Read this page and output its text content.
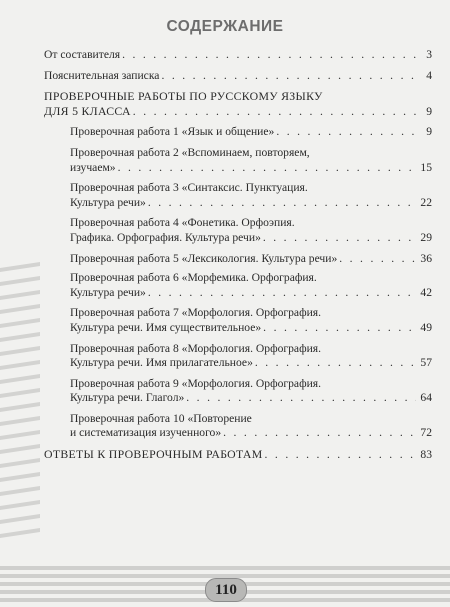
СОДЕРЖАНИЕ
От составителя . . .	3
Пояснительная записка . . .	4
ПРОВЕРОЧНЫЕ РАБОТЫ ПО РУССКОМУ ЯЗЫКУ
ДЛЯ 5 КЛАССА . . .	9
Проверочная работа 1 «Язык и общение» . . .	9
Проверочная работа 2 «Вспоминаем, повторяем,
изучаем» . . .	15
Проверочная работа 3 «Синтаксис. Пунктуация.
Культура речи» . . .	22
Проверочная работа 4 «Фонетика. Орфоэпия.
Графика. Орфография. Культура речи» . . .	29
Проверочная работа 5 «Лексикология. Культура речи» . . .	36
Проверочная работа 6 «Морфемика. Орфография.
Культура речи» . . .	42
Проверочная работа 7 «Морфология. Орфография.
Культура речи. Имя существительное» . . .	49
Проверочная работа 8 «Морфология. Орфография.
Культура речи. Имя прилагательное» . . .	57
Проверочная работа 9 «Морфология. Орфография.
Культура речи. Глагол» . . .	64
Проверочная работа 10 «Повторение
и систематизация изученного» . . .	72
ОТВЕТЫ К ПРОВЕРОЧНЫМ РАБОТАМ . . .	83
110
